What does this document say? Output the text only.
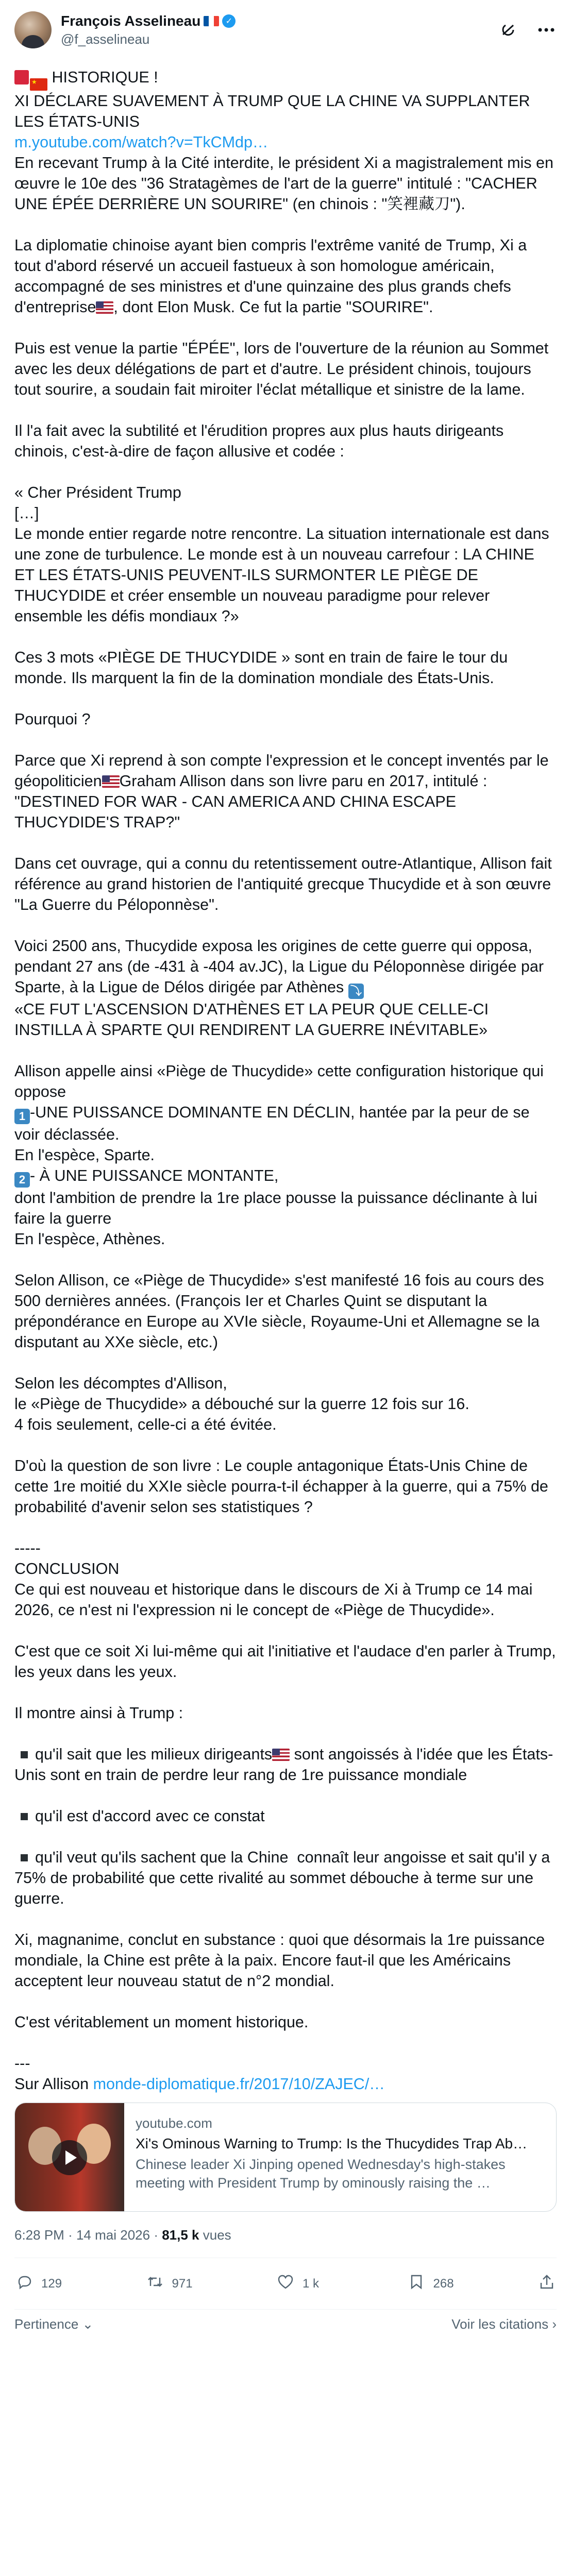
François Asselineau	✓
@f_asselineau
★ HISTORIQUE !
XI DÉCLARE SUAVEMENT À TRUMP QUE LA CHINE VA SUPPLANTER LES ÉTATS-UNIS
m.youtube.com/watch?v=TkCMdp…
En recevant Trump à la Cité interdite, le président Xi a magistralement mis en œuvre le 10e des "36 Stratagèmes de l'art de la guerre" intitulé : "CACHER UNE ÉPÉE DERRIÈRE UN SOURIRE" (en chinois : "笑裡藏刀").
La diplomatie chinoise ayant bien compris l'extrême vanité de Trump, Xi a tout d'abord réservé un accueil fastueux à son homologue américain, accompagné de ses ministres et d'une quinzaine des plus grands chefs d'entreprise , dont Elon Musk. Ce fut la partie "SOURIRE".
Puis est venue la partie "ÉPÉE", lors de l'ouverture de la réunion au Sommet avec les deux délégations de part et d'autre. Le président chinois, toujours tout sourire, a soudain fait miroiter l'éclat métallique et sinistre de la lame.
Il l'a fait avec la subtilité et l'érudition propres aux plus hauts dirigeants chinois, c'est-à-dire de façon allusive et codée :
« Cher Président Trump
[…]
Le monde entier regarde notre rencontre. La situation internationale est dans une zone de turbulence. Le monde est à un nouveau carrefour : LA CHINE ET LES ÉTATS-UNIS PEUVENT-ILS SURMONTER LE PIÈGE DE THUCYDIDE et créer ensemble un nouveau paradigme pour relever ensemble les défis mondiaux ?»
Ces 3 mots «PIÈGE DE THUCYDIDE » sont en train de faire le tour du monde. Ils marquent la fin de la domination mondiale des États-Unis.
Pourquoi ?
Parce que Xi reprend à son compte l'expression et le concept inventés par le géopoliticien Graham Allison dans son livre paru en 2017, intitulé :
"DESTINED FOR WAR - CAN AMERICA AND CHINA ESCAPE THUCYDIDE'S TRAP?"
Dans cet ouvrage, qui a connu du retentissement outre-Atlantique, Allison fait référence au grand historien de l'antiquité grecque Thucydide et à son œuvre "La Guerre du Péloponnèse".
Voici 2500 ans, Thucydide exposa les origines de cette guerre qui opposa, pendant 27 ans (de -431 à -404 av.JC), la Ligue du Péloponnèse dirigée par Sparte, à la Ligue de Délos dirigée par Athènes ⤵
«CE FUT L'ASCENSION D'ATHÈNES ET LA PEUR QUE CELLE-CI INSTILLA À SPARTE QUI RENDIRENT LA GUERRE INÉVITABLE»
Allison appelle ainsi «Piège de Thucydide» cette configuration historique qui oppose
1 -UNE PUISSANCE DOMINANTE EN DÉCLIN, hantée par la peur de se voir déclassée.
En l'espèce, Sparte.
2 - À UNE PUISSANCE MONTANTE,
dont l'ambition de prendre la 1re place pousse la puissance déclinante à lui faire la guerre
En l'espèce, Athènes.
Selon Allison, ce «Piège de Thucydide» s'est manifesté 16 fois au cours des 500 dernières années. (François Ier et Charles Quint se disputant la prépondérance en Europe au XVIe siècle, Royaume-Uni et Allemagne se la disputant au XXe siècle, etc.)
Selon les décomptes d'Allison,
le «Piège de Thucydide» a débouché sur la guerre 12 fois sur 16.
4 fois seulement, celle-ci a été évitée.
D'où la question de son livre : Le couple antagonique États-Unis Chine de cette 1re moitié du XXIe siècle pourra-t-il échapper à la guerre, qui a 75% de probabilité d'avenir selon ses statistiques ?
-----
CONCLUSION
Ce qui est nouveau et historique dans le discours de Xi à Trump ce 14 mai 2026, ce n'est ni l'expression ni le concept de «Piège de Thucydide».
C'est que ce soit Xi lui-même qui ait l'initiative et l'audace d'en parler à Trump, les yeux dans les yeux.
Il montre ainsi à Trump :
qu'il sait que les milieux dirigeants sont angoissés à l'idée que les États-Unis sont en train de perdre leur rang de 1re puissance mondiale
qu'il est d'accord avec ce constat
qu'il veut qu'ils sachent que la Chine  connaît leur angoisse et sait qu'il y a 75% de probabilité que cette rivalité au sommet débouche à terme sur une guerre.
Xi, magnanime, conclut en substance : quoi que désormais la 1re puissance mondiale, la Chine est prête à la paix. Encore faut-il que les Américains acceptent leur nouveau statut de n°2 mondial.
C'est véritablement un moment historique.
---
Sur Allison monde-diplomatique.fr/2017/10/ZAJEC/…
youtube.com
Xi's Ominous Warning to Trump: Is the Thucydides Trap Ab…
Chinese leader Xi Jinping opened Wednesday's high-stakes meeting with President Trump by ominously raising the …
6:28 PM · 14 mai 2026 · 81,5 k vues
129	971	1 k	268
Pertinence ⌄	Voir les citations ›
